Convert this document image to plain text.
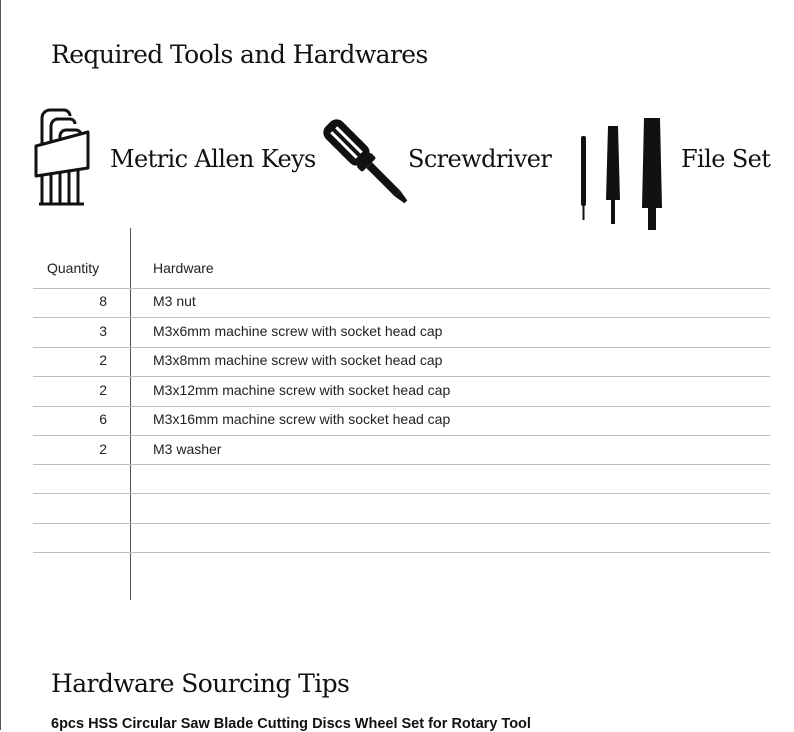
Required Tools and Hardwares
Metric Allen Keys	Screwdriver	File Set
Quantity	Hardware
8	M3 nut
3	M3x6mm machine screw with socket head cap
2	M3x8mm machine screw with socket head cap
2	M3x12mm machine screw with socket head cap
6	M3x16mm machine screw with socket head cap
2	M3 washer
Hardware Sourcing Tips
6pcs HSS Circular Saw Blade Cutting Discs Wheel Set for Rotary Tool
